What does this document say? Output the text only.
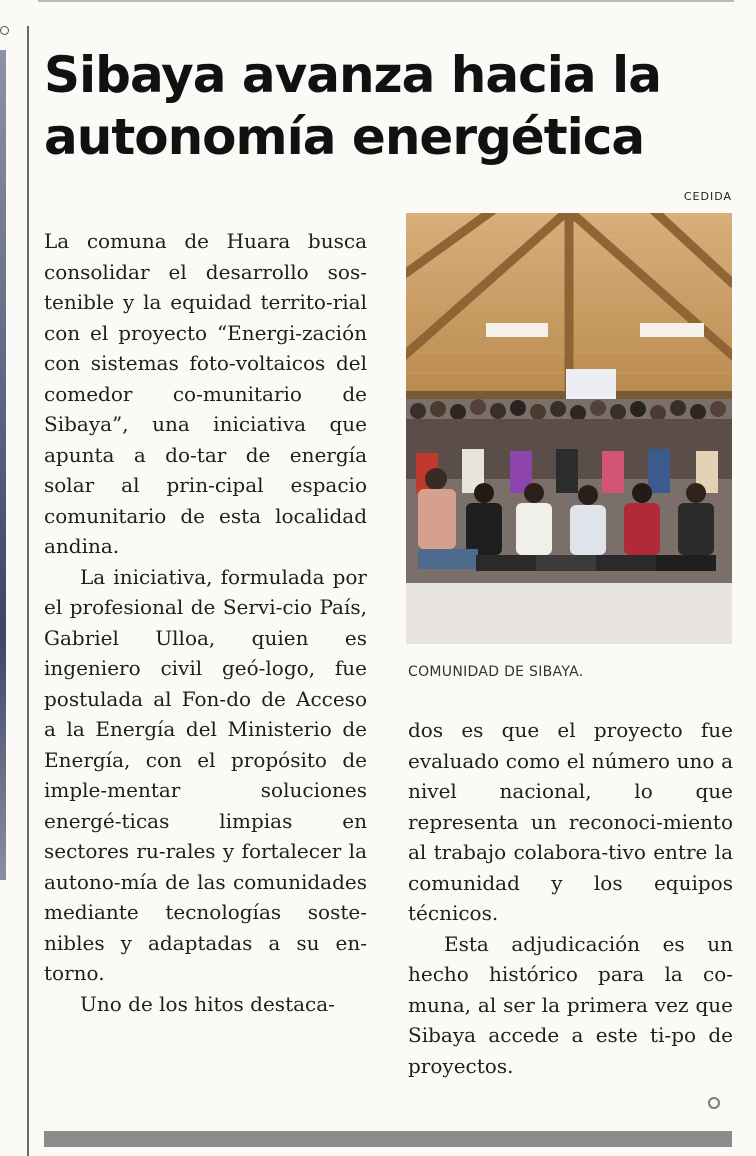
Sibaya avanza hacia la autonomía energética
CEDIDA
COMUNIDAD DE SIBAYA.

La comuna de Huara busca consolidar el desarrollo sos-tenible y la equidad territo-rial con el proyecto “Energi-zación con sistemas foto-voltaicos del comedor co-munitario de Sibaya”, una iniciativa que apunta a do-tar de energía solar al prin-cipal espacio comunitario de esta localidad andina.

La iniciativa, formulada por el profesional de Servi-cio País, Gabriel Ulloa, quien es ingeniero civil geó-logo, fue postulada al Fon-do de Acceso a la Energía del Ministerio de Energía, con el propósito de imple-mentar soluciones energé-ticas limpias en sectores ru-rales y fortalecer la autono-mía de las comunidades mediante tecnologías soste-nibles y adaptadas a su en-torno.

Uno de los hitos destaca-

dos es que el proyecto fue evaluado como el número uno a nivel nacional, lo que representa un reconoci-miento al trabajo colabora-tivo entre la comunidad y los equipos técnicos.

Esta adjudicación es un hecho histórico para la co-muna, al ser la primera vez que Sibaya accede a este ti-po de proyectos.
